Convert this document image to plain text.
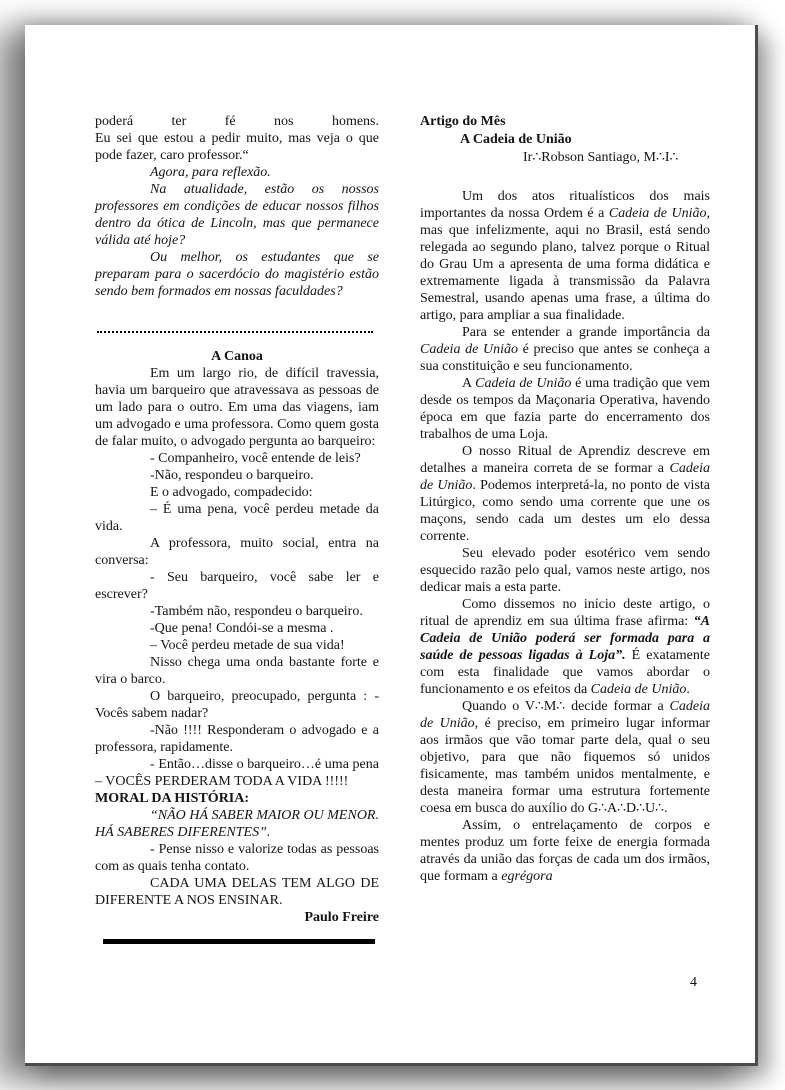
poderá ter fé nos homens.
Eu sei que estou a pedir muito, mas veja o que pode fazer, caro professor.“
Agora, para reflexão.
Na atualidade, estão os nossos professores em condições de educar nossos filhos dentro da ótica de Lincoln, mas que permanece válida até hoje?
Ou melhor, os estudantes que se preparam para o sacerdócio do magistério estão sendo bem formados em nossas faculdades?
A Canoa
Em um largo rio, de difícil travessia, havia um barqueiro que atravessava as pessoas de um lado para o outro. Em uma das viagens, iam um advogado e uma professora. Como quem gosta de falar muito, o advogado pergunta ao barqueiro:
- Companheiro, você entende de leis?
-Não, respondeu o barqueiro.
E o advogado, compadecido:
– É uma pena, você perdeu metade da vida.
A professora, muito social, entra na conversa:
- Seu barqueiro, você sabe ler e escrever?
-Também não, respondeu o barqueiro.
-Que pena! Condói-se a mesma .
– Você perdeu metade de sua vida!
Nisso chega uma onda bastante forte e vira o barco.
O barqueiro, preocupado, pergunta : -Vocês sabem nadar?
-Não !!!! Responderam o advogado e a professora, rapidamente.
- Então…disse o barqueiro…é uma pena – VOCÊS PERDERAM TODA A VIDA !!!!!
MORAL DA HISTÓRIA:
“NÃO HÁ SABER MAIOR OU MENOR. HÁ SABERES DIFERENTES”.
- Pense nisso e valorize todas as pessoas com as quais tenha contato.
CADA UMA DELAS TEM ALGO DE DIFERENTE A NOS ENSINAR.
Paulo Freire
Artigo do Mês
A Cadeia de União
Ir∴Robson Santiago, M∴I∴
Um dos atos ritualísticos dos mais importantes da nossa Ordem é a Cadeia de União, mas que infelizmente, aqui no Brasil, está sendo relegada ao segundo plano, talvez porque o Ritual do Grau Um a apresenta de uma forma didática e extremamente ligada à transmissão da Palavra Semestral, usando apenas uma frase, a última do artigo, para ampliar a sua finalidade.
Para se entender a grande importância da Cadeia de União é preciso que antes se conheça a sua constituição e seu funcionamento.
A Cadeia de União é uma tradição que vem desde os tempos da Maçonaria Operativa, havendo época em que fazia parte do encerramento dos trabalhos de uma Loja.
O nosso Ritual de Aprendiz descreve em detalhes a maneira correta de se formar a Cadeia de União. Podemos interpretá-la, no ponto de vista Litúrgico, como sendo uma corrente que une os maçons, sendo cada um destes um elo dessa corrente.
Seu elevado poder esotérico vem sendo esquecido razão pelo qual, vamos neste artigo, nos dedicar mais a esta parte.
Como dissemos no início deste artigo, o ritual de aprendiz em sua última frase afirma: “A Cadeia de União poderá ser formada para a saúde de pessoas ligadas à Loja”. É exatamente com esta finalidade que vamos abordar o funcionamento e os efeitos da Cadeia de União.
Quando o V∴M∴ decide formar a Cadeia de União, é preciso, em primeiro lugar informar aos irmãos que vão tomar parte dela, qual o seu objetivo, para que não fiquemos só unidos fisicamente, mas também unidos mentalmente, e desta maneira formar uma estrutura fortemente coesa em busca do auxílio do G∴A∴D∴U∴.
Assim, o entrelaçamento de corpos e mentes produz um forte feixe de energia formada através da união das forças de cada um dos irmãos, que formam a egrégora
4
